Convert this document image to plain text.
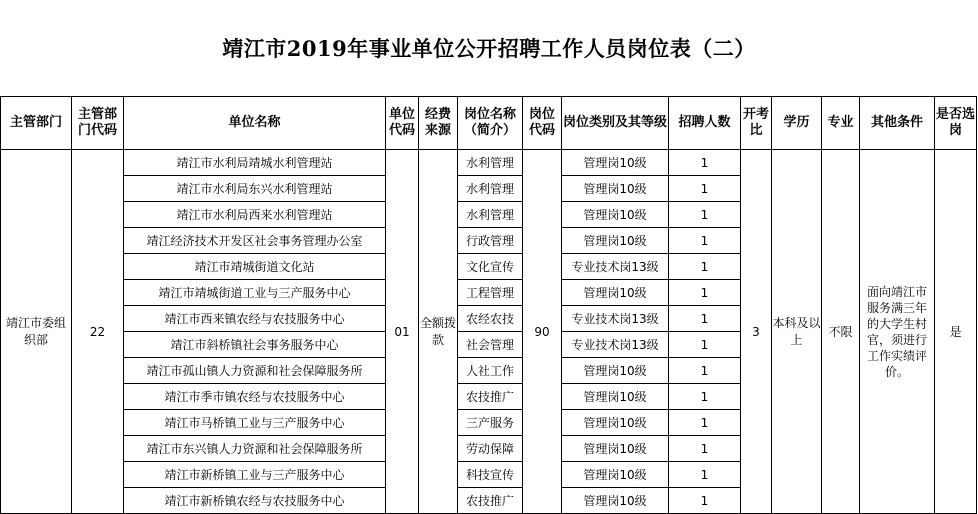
靖江市2019年事业单位公开招聘工作人员岗位表（二）
主管部门	主管部门代码	单位名称	单位代码	经费来源	岗位名称（简介）	岗位代码	岗位类别及其等级	招聘人数	开考比	学历	专业	其他条件	是否选岗
靖江市委组织部	22	靖江市水利局靖城水利管理站	01	全额拨款	水利管理	90	管理岗10级	1	3	本科及以上	不限	面向靖江市服务满三年的大学生村官，须进行工作实绩评价。	是
		靖江市水利局东兴水利管理站			水利管理		管理岗10级	1					
		靖江市水利局西来水利管理站			水利管理		管理岗10级	1					
		靖江经济技术开发区社会事务管理办公室			行政管理		管理岗10级	1					
		靖江市靖城街道文化站			文化宣传		专业技术岗13级	1					
		靖江市靖城街道工业与三产服务中心			工程管理		管理岗10级	1					
		靖江市西来镇农经与农技服务中心			农经农技		专业技术岗13级	1					
		靖江市斜桥镇社会事务服务中心			社会管理		专业技术岗13级	1					
		靖江市孤山镇人力资源和社会保障服务所			人社工作		管理岗10级	1					
		靖江市季市镇农经与农技服务中心			农技推广		管理岗10级	1					
		靖江市马桥镇工业与三产服务中心			三产服务		管理岗10级	1					
		靖江市东兴镇人力资源和社会保障服务所			劳动保障		管理岗10级	1					
		靖江市新桥镇工业与三产服务中心			科技宣传		管理岗10级	1					
		靖江市新桥镇农经与农技服务中心			农技推广		管理岗10级	1					
